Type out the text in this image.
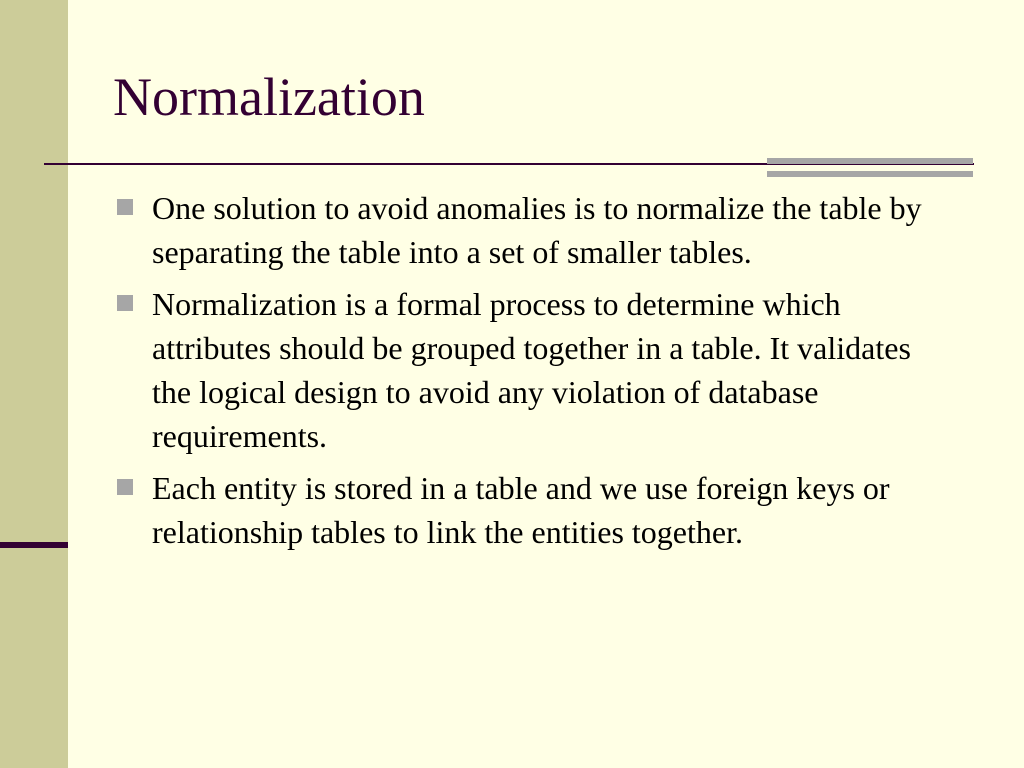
Normalization
One solution to avoid anomalies is to normalize the table by separating the table into a set of smaller tables.
Normalization is a formal process to determine which attributes should be grouped together in a table. It validates the logical design to avoid any violation of database requirements.
Each entity is stored in a table and we use foreign keys or relationship tables to link the entities together.
